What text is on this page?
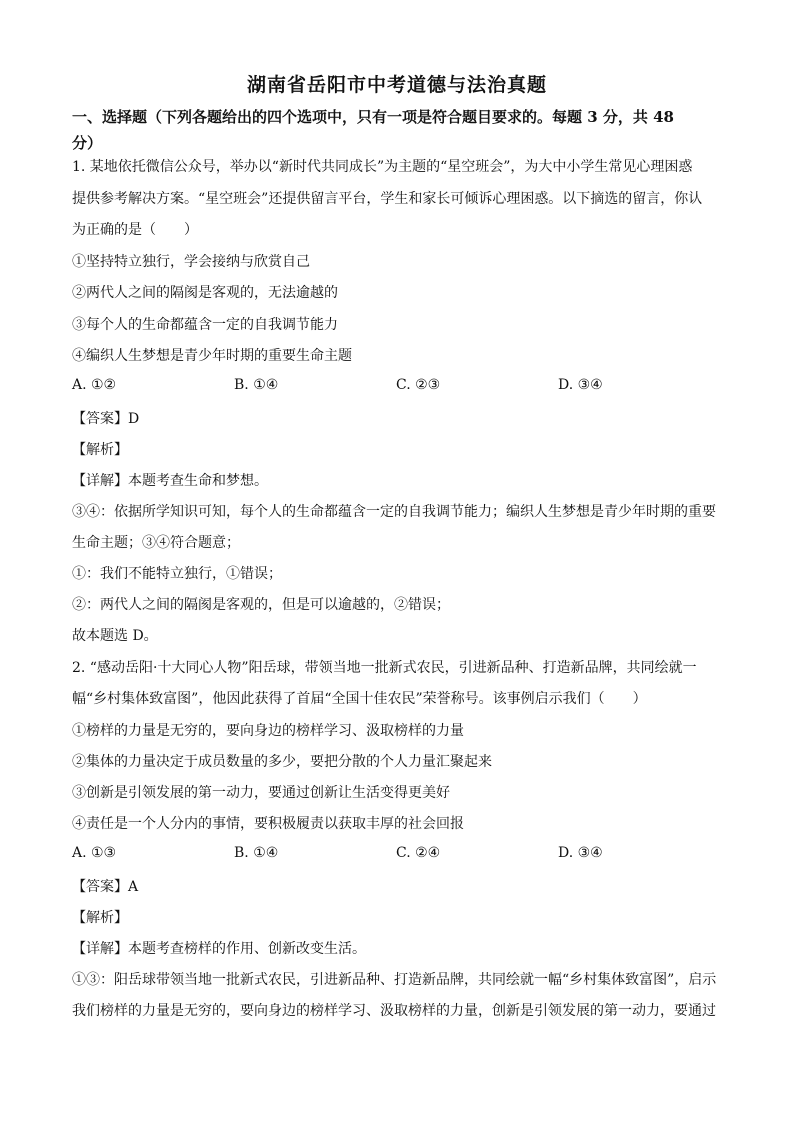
湖南省岳阳市中考道德与法治真题
一、选择题（下列各题给出的四个选项中，只有一项是符合题目要求的。每题 3 分，共 48
分）
1. 某地依托微信公众号，举办以“新时代共同成长”为主题的“星空班会”，为大中小学生常见心理困惑
提供参考解决方案。“星空班会”还提供留言平台，学生和家长可倾诉心理困惑。以下摘选的留言，你认
为正确的是（　　）
①坚持特立独行，学会接纳与欣赏自己
②两代人之间的隔阂是客观的，无法逾越的
③每个人的生命都蕴含一定的自我调节能力
④编织人生梦想是青少年时期的重要生命主题
A. ①②	B. ①④	C. ②③	D. ③④
【答案】D
【解析】
【详解】本题考查生命和梦想。
③④：依据所学知识可知，每个人的生命都蕴含一定的自我调节能力；编织人生梦想是青少年时期的重要
生命主题；③④符合题意；
①：我们不能特立独行，①错误；
②：两代人之间的隔阂是客观的，但是可以逾越的，②错误；
故本题选 D。
2. “感动岳阳·十大同心人物”阳岳球，带领当地一批新式农民，引进新品种、打造新品牌，共同绘就一
幅“乡村集体致富图”，他因此获得了首届“全国十佳农民”荣誉称号。该事例启示我们（　　）
①榜样的力量是无穷的，要向身边的榜样学习、汲取榜样的力量
②集体的力量决定于成员数量的多少，要把分散的个人力量汇聚起来
③创新是引领发展的第一动力，要通过创新让生活变得更美好
④责任是一个人分内的事情，要积极履责以获取丰厚的社会回报
A. ①③	B. ①④	C. ②④	D. ③④
【答案】A
【解析】
【详解】本题考查榜样的作用、创新改变生活。
①③：阳岳球带领当地一批新式农民，引进新品种、打造新品牌，共同绘就一幅“乡村集体致富图”，启示
我们榜样的力量是无穷的，要向身边的榜样学习、汲取榜样的力量，创新是引领发展的第一动力，要通过
